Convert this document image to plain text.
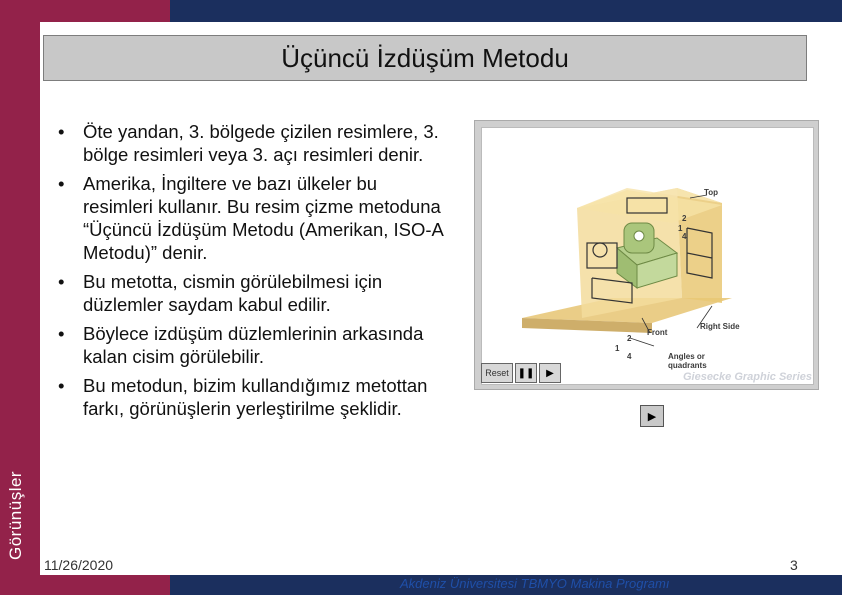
Görünüşler
Üçüncü İzdüşüm Metodu
• Öte yandan, 3. bölgede çizilen resimlere, 3. bölge resimleri veya 3. açı resimleri denir.
• Amerika, İngiltere ve bazı ülkeler bu resimleri kullanır. Bu resim çizme metoduna “Üçüncü İzdüşüm Metodu (Amerikan, ISO-A Metodu)” denir.
• Bu metotta, cismin görülebilmesi için düzlemler saydam kabul edilir.
• Böylece izdüşüm düzlemlerinin arkasında kalan cisim görülebilir.
• Bu metodun, bizim kullandığımız metottan farkı, görünüşlerin yerleştirilme şeklidir.
Top
2
1
4
Front
Right Side
2
1
4	Angles or
quadrants
Reset ❚❚	▶	Giesecke Graphic Series
▶
11/26/2020	3
Akdeniz Üniversitesi TBMYO Makina Programı
